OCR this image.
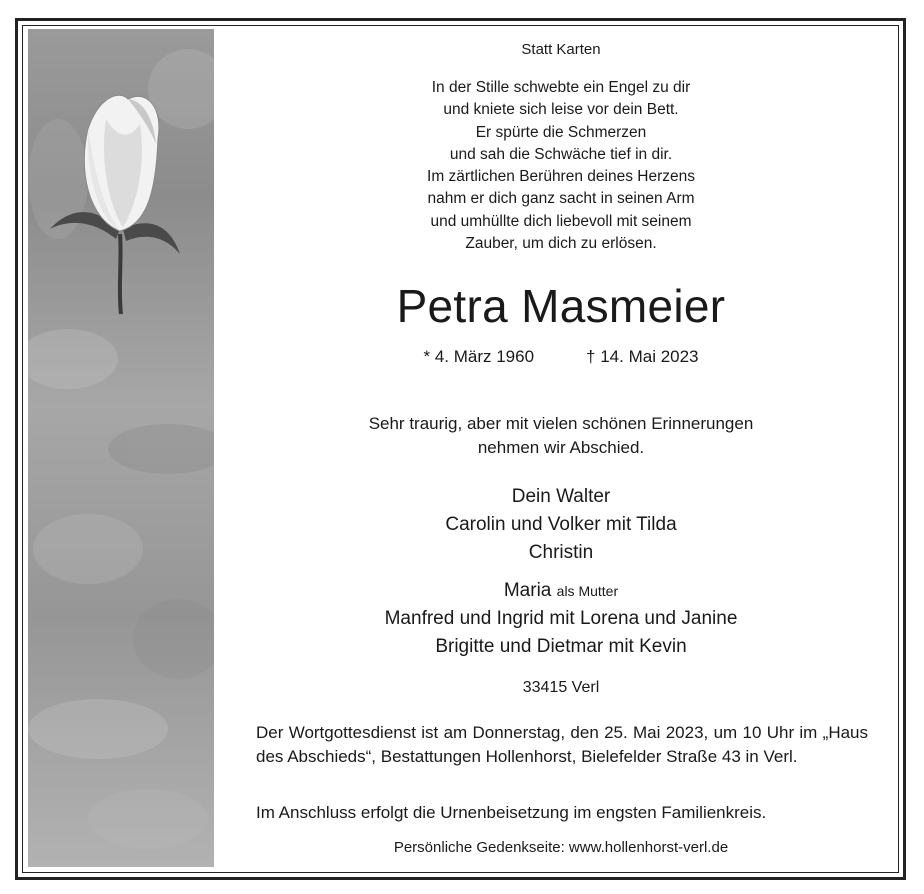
Statt Karten
In der Stille schwebte ein Engel zu dir
und kniete sich leise vor dein Bett.
Er spürte die Schmerzen
und sah die Schwäche tief in dir.
Im zärtlichen Berühren deines Herzens
nahm er dich ganz sacht in seinen Arm
und umhüllte dich liebevoll mit seinem
Zauber, um dich zu erlösen.
Petra Masmeier
* 4. März 1960	† 14. Mai 2023
Sehr traurig, aber mit vielen schönen Erinnerungen
nehmen wir Abschied.
Dein Walter
Carolin und Volker mit Tilda
Christin
Maria als Mutter
Manfred und Ingrid mit Lorena und Janine
Brigitte und Dietmar mit Kevin
33415 Verl
Der Wortgottesdienst ist am Donnerstag, den 25. Mai 2023, um 10 Uhr im „Haus des Abschieds“, Bestattungen Hollenhorst, Bielefelder Straße 43 in Verl.
Im Anschluss erfolgt die Urnenbeisetzung im engsten Familienkreis.
Persönliche Gedenkseite: www.hollenhorst-verl.de
